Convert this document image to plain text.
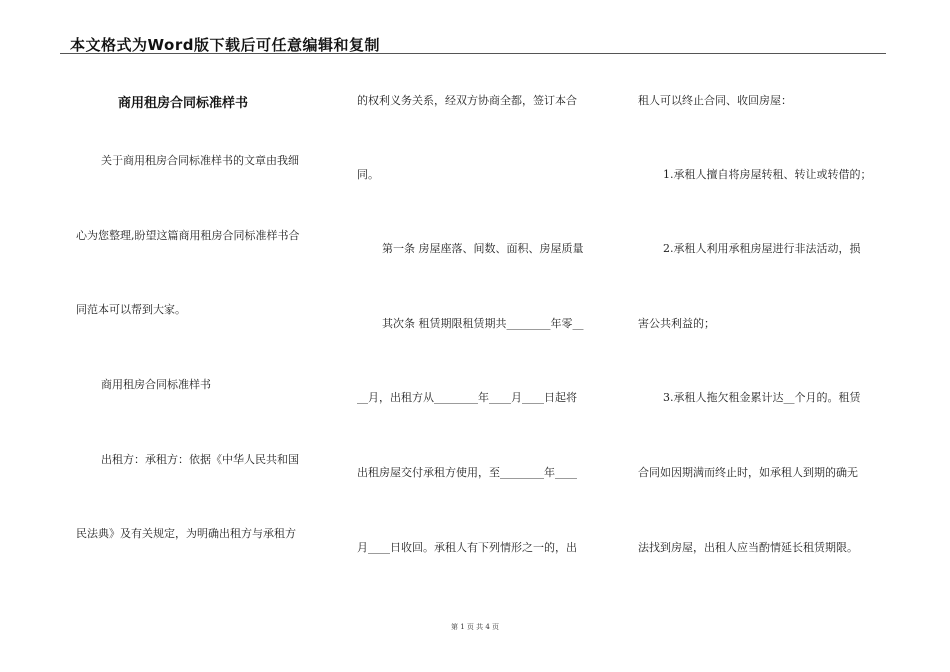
本文格式为Word版下载后可任意编辑和复制
商用租房合同标准样书
关于商用租房合同标准样书的文章由我细
心为您整理,盼望这篇商用租房合同标准样书合
同范本可以帮到大家。
商用租房合同标准样书
出租方：承租方：依据《中华人民共和国
民法典》及有关规定，为明确出租方与承租方
的权利义务关系，经双方协商全都，签订本合
同。
第一条 房屋座落、间数、面积、房屋质量
其次条 租赁期限租赁期共________年零__
__月，出租方从________年____月____日起将
出租房屋交付承租方使用，至________年____
月____日收回。承租人有下列情形之一的，出
租人可以终止合同、收回房屋：
1.承租人擅自将房屋转租、转让或转借的；
2.承租人利用承租房屋进行非法活动，损
害公共利益的；
3.承租人拖欠租金累计达__个月的。租赁
合同如因期满而终止时，如承租人到期的确无
法找到房屋，出租人应当酌情延长租赁期限。
第 1 页 共 4 页
